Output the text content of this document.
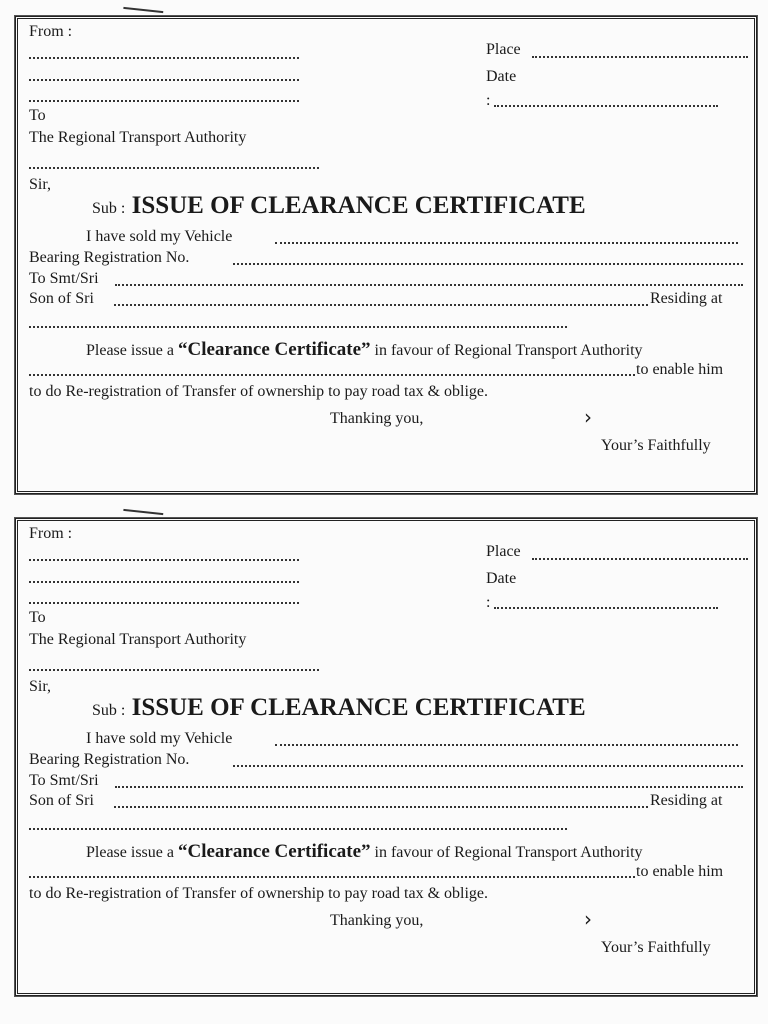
From :
Place
Date
:
To
The Regional Transport Authority
Sir,
Sub : ISSUE OF CLEARANCE CERTIFICATE
I have sold my Vehicle
Bearing Registration No.
To Smt/Sri
Son of Sri	Residing at
Please issue a “Clearance Certificate” in favour of Regional Transport Authority
to enable him
to do Re-registration of Transfer of ownership to pay road tax & oblige.
Thanking you,	›
Your’s Faithfully
From :
Place
Date
:
To
The Regional Transport Authority
Sir,
Sub : ISSUE OF CLEARANCE CERTIFICATE
I have sold my Vehicle
Bearing Registration No.
To Smt/Sri
Son of Sri	Residing at
Please issue a “Clearance Certificate” in favour of Regional Transport Authority
to enable him
to do Re-registration of Transfer of ownership to pay road tax & oblige.
Thanking you,	›
Your’s Faithfully
